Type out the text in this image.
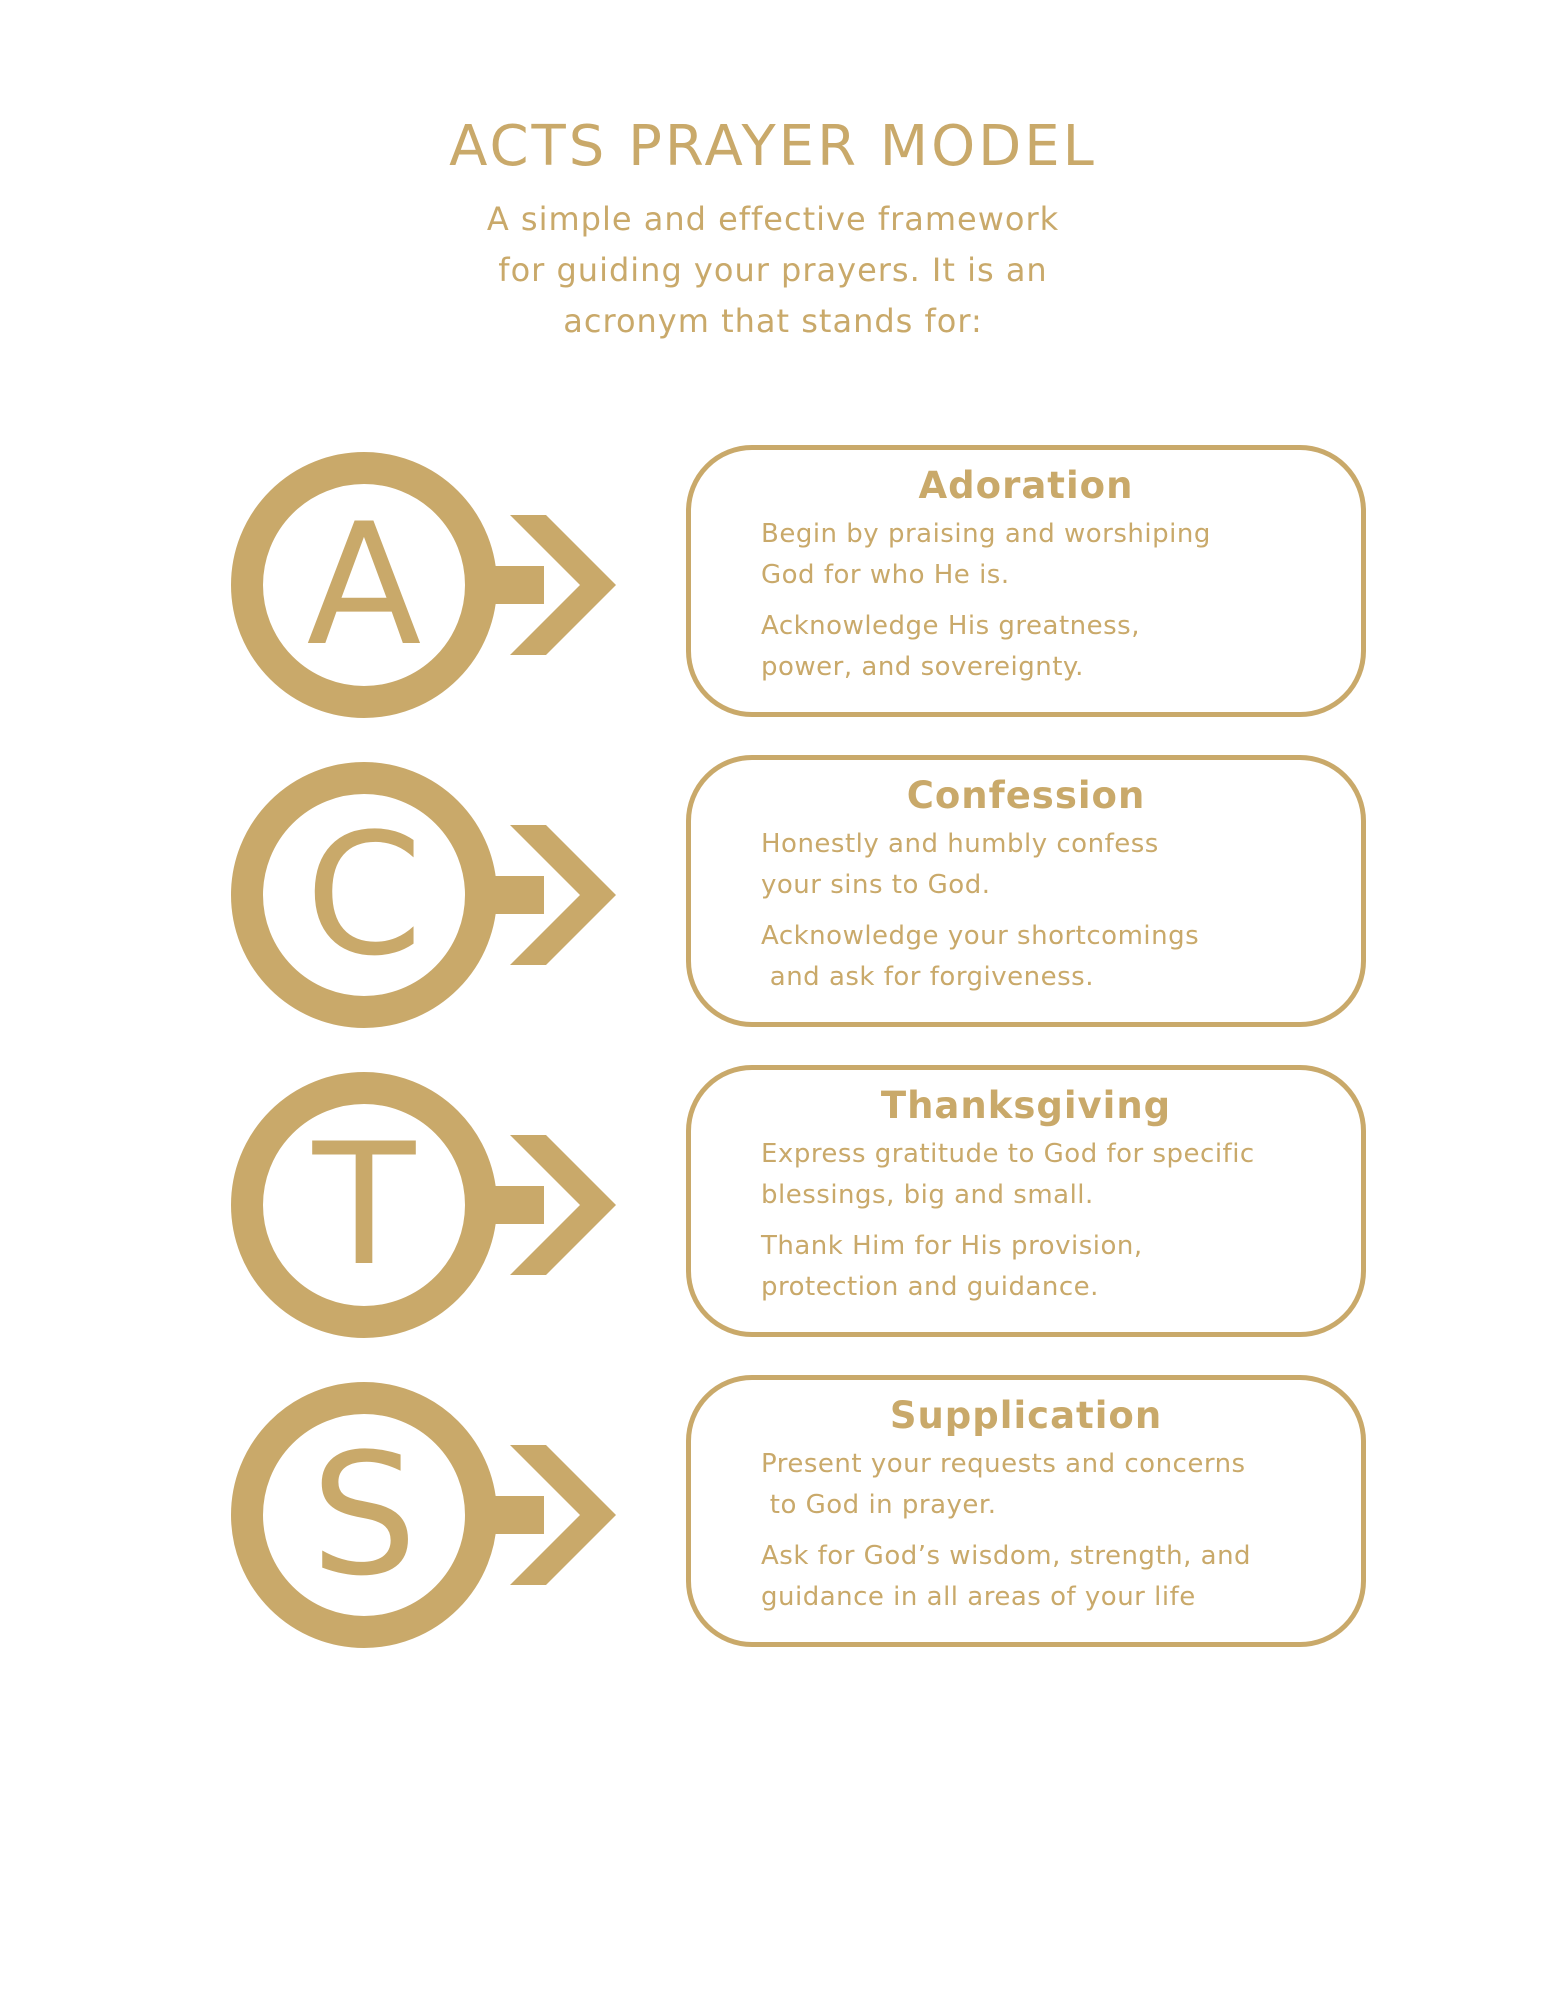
ACTS PRAYER MODEL
A simple and effective framework
for guiding your prayers. It is an
acronym that stands for:
A
Adoration

Begin by praising and worshiping
God for who He is.

Acknowledge His greatness,
power, and sovereignty.

C
Confession

Honestly and humbly confess
your sins to God.

Acknowledge your shortcomings
and ask for forgiveness.

T
Thanksgiving

Express gratitude to God for specific
blessings, big and small.

Thank Him for His provision,
protection and guidance.

S
Supplication

Present your requests and concerns
to God in prayer.

Ask for God’s wisdom, strength, and
guidance in all areas of your life
